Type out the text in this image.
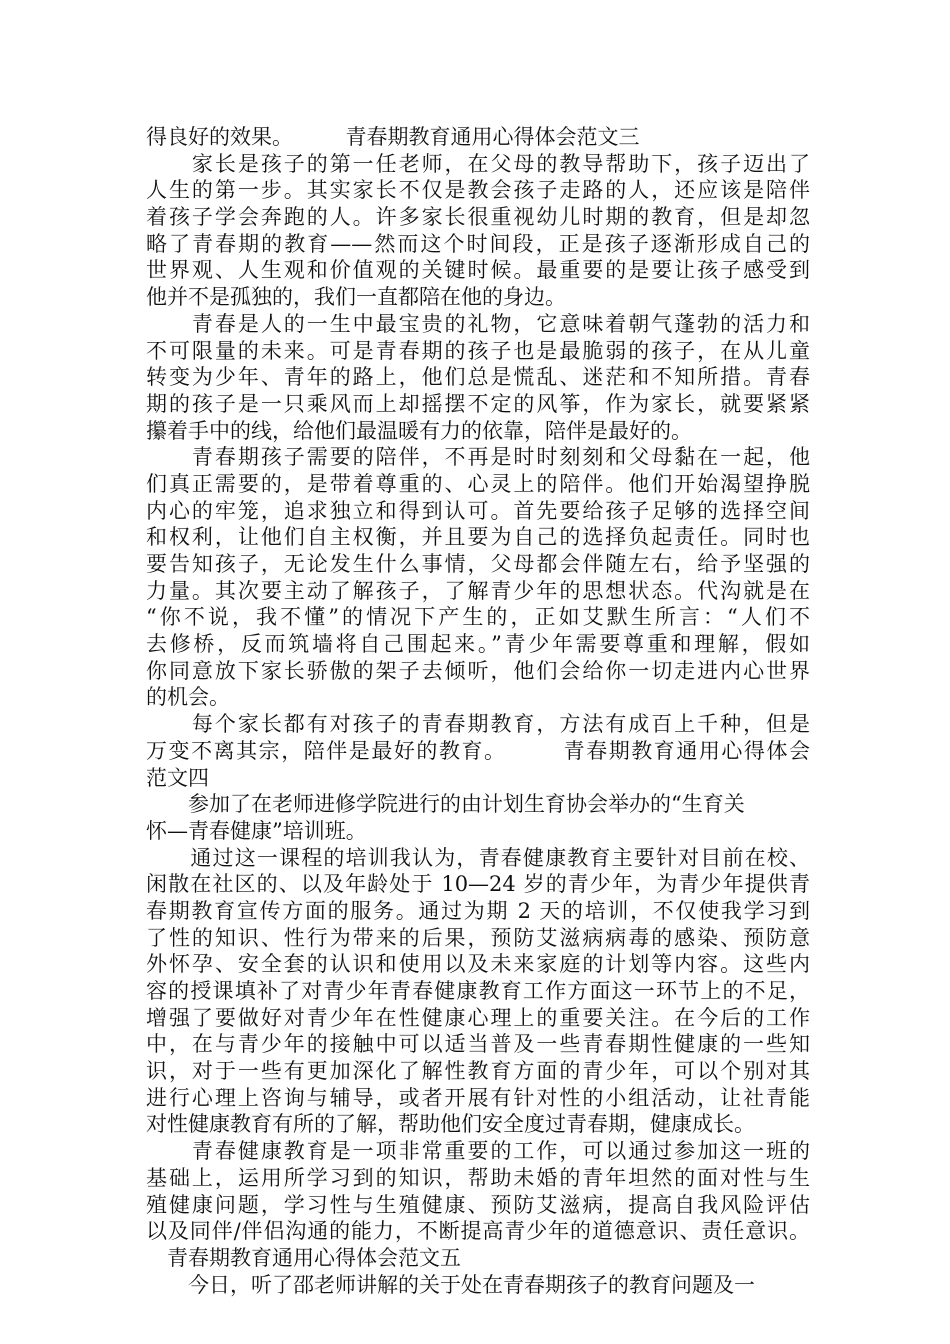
得良好的效果。　　　青春期教育通用心得体会范文三
　　家长是孩子的第一任老师，在父母的教导帮助下，孩子迈出了
人生的第一步。其实家长不仅是教会孩子走路的人，还应该是陪伴
着孩子学会奔跑的人。许多家长很重视幼儿时期的教育，但是却忽
略了青春期的教育——然而这个时间段，正是孩子逐渐形成自己的
世界观、人生观和价值观的关键时候。最重要的是要让孩子感受到
他并不是孤独的，我们一直都陪在他的身边。
　　青春是人的一生中最宝贵的礼物，它意味着朝气蓬勃的活力和
不可限量的未来。可是青春期的孩子也是最脆弱的孩子，在从儿童
转变为少年、青年的路上，他们总是慌乱、迷茫和不知所措。青春
期的孩子是一只乘风而上却摇摆不定的风筝，作为家长，就要紧紧
攥着手中的线，给他们最温暖有力的依靠，陪伴是最好的。
　　青春期孩子需要的陪伴，不再是时时刻刻和父母黏在一起，他
们真正需要的，是带着尊重的、心灵上的陪伴。他们开始渴望挣脱
内心的牢笼，追求独立和得到认可。首先要给孩子足够的选择空间
和权利，让他们自主权衡，并且要为自己的选择负起责任。同时也
要告知孩子，无论发生什么事情，父母都会伴随左右，给予坚强的
力量。其次要主动了解孩子，了解青少年的思想状态。代沟就是在
“你不说，我不懂”的情况下产生的，正如艾默生所言：“人们不
去修桥，反而筑墙将自己围起来。”青少年需要尊重和理解，假如
你同意放下家长骄傲的架子去倾听，他们会给你一切走进内心世界
的机会。
　　每个家长都有对孩子的青春期教育，方法有成百上千种，但是
万变不离其宗，陪伴是最好的教育。　　　青春期教育通用心得体会
范文四
　　参加了在老师进修学院进行的由计划生育协会举办的“生育关
怀—青春健康”培训班。
　　通过这一课程的培训我认为，青春健康教育主要针对目前在校、
闲散在社区的、以及年龄处于 10—24 岁的青少年，为青少年提供青
春期教育宣传方面的服务。通过为期 2 天的培训，不仅使我学习到
了性的知识、性行为带来的后果，预防艾滋病病毒的感染、预防意
外怀孕、安全套的认识和使用以及未来家庭的计划等内容。这些内
容的授课填补了对青少年青春健康教育工作方面这一环节上的不足，
增强了要做好对青少年在性健康心理上的重要关注。在今后的工作
中，在与青少年的接触中可以适当普及一些青春期性健康的一些知
识，对于一些有更加深化了解性教育方面的青少年，可以个别对其
进行心理上咨询与辅导，或者开展有针对性的小组活动，让社青能
对性健康教育有所的了解，帮助他们安全度过青春期，健康成长。
　　青春健康教育是一项非常重要的工作，可以通过参加这一班的
基础上，运用所学习到的知识，帮助未婚的青年坦然的面对性与生
殖健康问题，学习性与生殖健康、预防艾滋病，提高自我风险评估
以及同伴/伴侣沟通的能力，不断提高青少年的道德意识、责任意识。
　青春期教育通用心得体会范文五
　　今日，听了邵老师讲解的关于处在青春期孩子的教育问题及一
